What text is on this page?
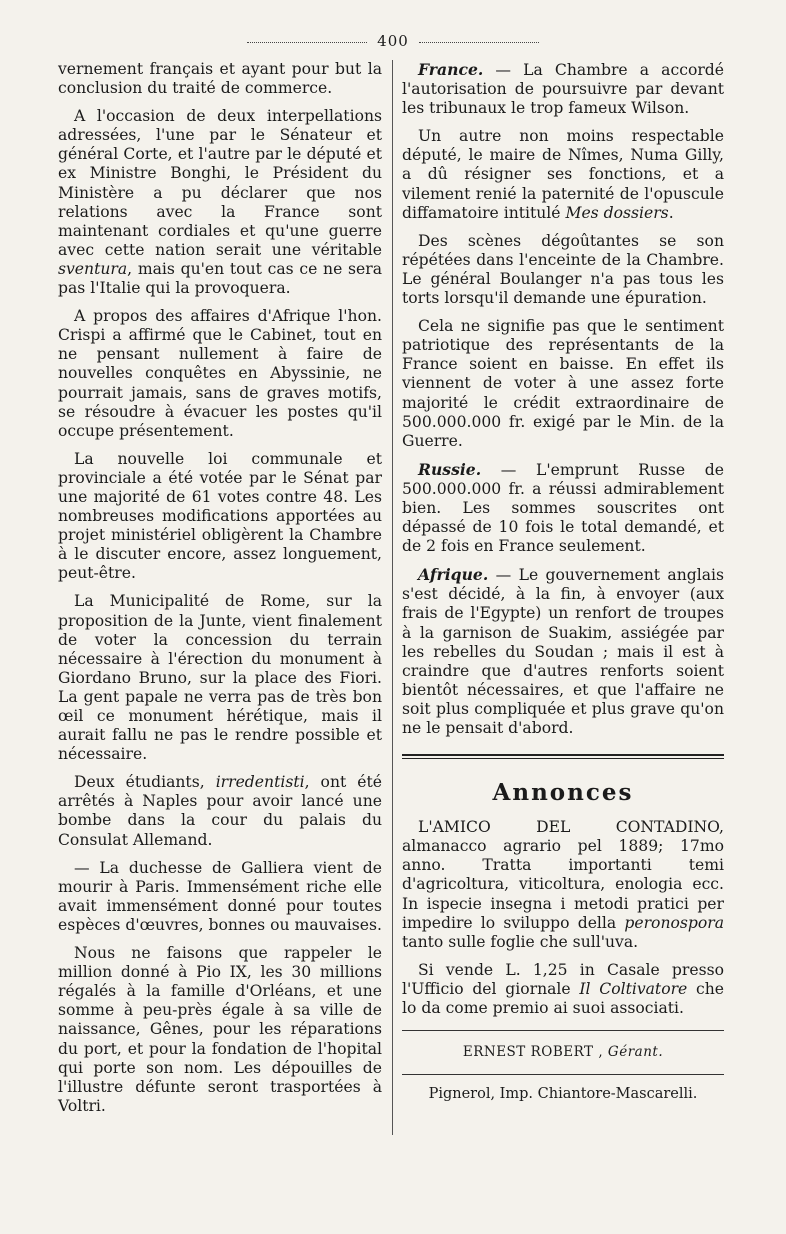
400

vernement français et ayant pour but la conclusion du traité de commerce.

A l'occasion de deux interpellations adressées, l'une par le Sénateur et général Corte, et l'autre par le député et ex Ministre Bonghi, le Président du Ministère a pu déclarer que nos relations avec la France sont maintenant cordiales et qu'une guerre avec cette nation serait une véritable sventura, mais qu'en tout cas ce ne sera pas l'Italie qui la provoquera.

A propos des affaires d'Afrique l'hon. Crispi a affirmé que le Cabinet, tout en ne pensant nullement à faire de nouvelles conquêtes en Abyssinie, ne pourrait jamais, sans de graves motifs, se résoudre à évacuer les postes qu'il occupe présentement.

La nouvelle loi communale et provinciale a été votée par le Sénat par une majorité de 61 votes contre 48. Les nombreuses modifications apportées au projet ministériel obligèrent la Chambre à le discuter encore, assez longuement, peut-être.

La Municipalité de Rome, sur la proposition de la Junte, vient finalement de voter la concession du terrain nécessaire à l'érection du monument à Giordano Bruno, sur la place des Fiori. La gent papale ne verra pas de très bon œil ce monument hérétique, mais il aurait fallu ne pas le rendre possible et nécessaire.

Deux étudiants, irredentisti, ont été arrêtés à Naples pour avoir lancé une bombe dans la cour du palais du Consulat Allemand.

— La duchesse de Galliera vient de mourir à Paris. Immensément riche elle avait immensément donné pour toutes espèces d'œuvres, bonnes ou mauvaises.

Nous ne faisons que rappeler le million donné à Pio IX, les 30 millions régalés à la famille d'Orléans, et une somme à peu-près égale à sa ville de naissance, Gênes, pour les réparations du port, et pour la fondation de l'hopital qui porte son nom. Les dépouilles de l'illustre défunte seront trasportées à Voltri.

France. — La Chambre a accordé l'autorisation de poursuivre par devant les tribunaux le trop fameux Wilson.

Un autre non moins respectable député, le maire de Nîmes, Numa Gilly, a dû résigner ses fonctions, et a vilement renié la paternité de l'opuscule diffamatoire intitulé Mes dossiers.

Des scènes dégoûtantes se son répétées dans l'enceinte de la Chambre. Le général Boulanger n'a pas tous les torts lorsqu'il demande une épuration.

Cela ne signifie pas que le sentiment patriotique des représentants de la France soient en baisse. En effet ils viennent de voter à une assez forte majorité le crédit extraordinaire de 500.000.000 fr. exigé par le Min. de la Guerre.

Russie. — L'emprunt Russe de 500.000.000 fr. a réussi admirablement bien. Les sommes souscrites ont dépassé de 10 fois le total demandé, et de 2 fois en France seulement.

Afrique. — Le gouvernement anglais s'est décidé, à la fin, à envoyer (aux frais de l'Egypte) un renfort de troupes à la garnison de Suakim, assiégée par les rebelles du Soudan ; mais il est à craindre que d'autres renforts soient bientôt nécessaires, et que l'affaire ne soit plus compliquée et plus grave qu'on ne le pensait d'abord.

Annonces

L'AMICO DEL CONTADINO, almanacco agrario pel 1889; 17mo anno. Tratta importanti temi d'agricoltura, viticoltura, enologia ecc. In ispecie insegna i metodi pratici per impedire lo sviluppo della peronospora tanto sulle foglie che sull'uva.

Si vende L. 1,25 in Casale presso l'Ufficio del giornale Il Coltivatore che lo da come premio ai suoi associati.

ERNEST ROBERT , Gérant.

Pignerol, Imp. Chiantore-Mascarelli.
